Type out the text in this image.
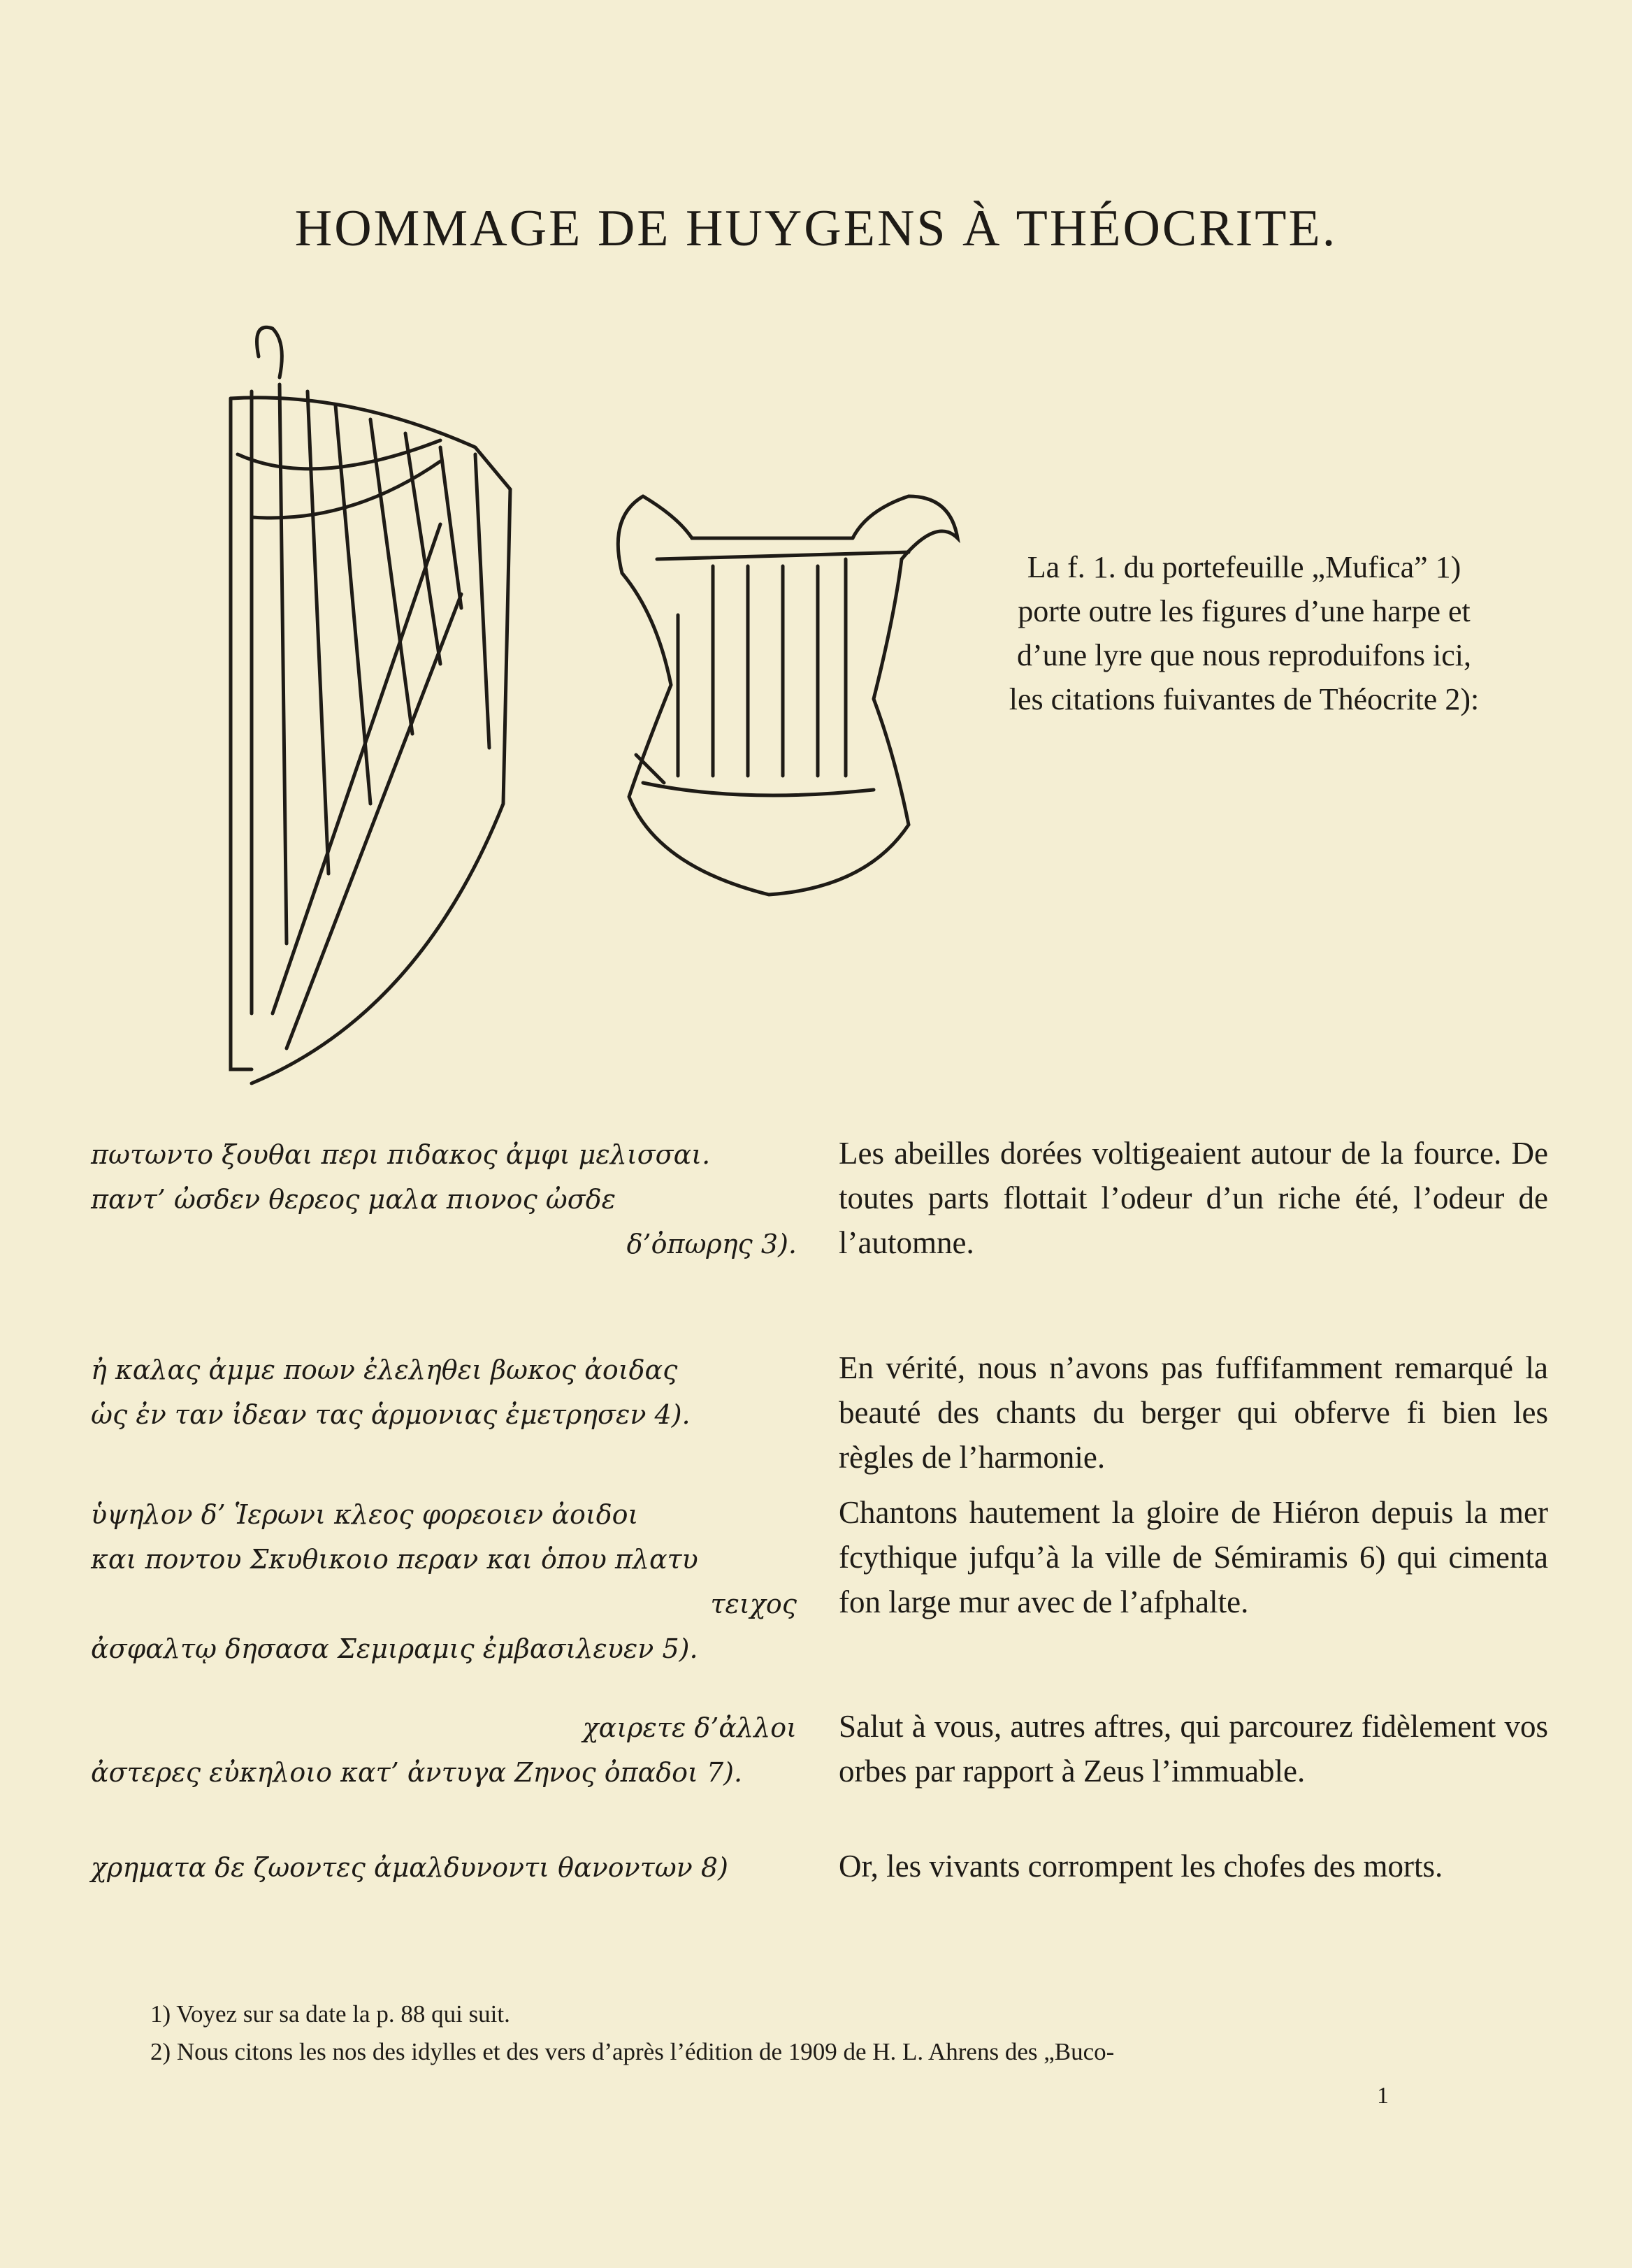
HOMMAGE DE HUYGENS À THÉOCRITE.
La f. 1. du portefeuille „Mufica” 1) porte outre les figures d’une harpe et d’une lyre que nous reproduifons ici, les citations fuivantes de Théocrite 2):
πωτωντο ξουθαι περι πιδακος ἀμφι μελισσαι.
παντ’ ὠσδεν θερεος μαλα πιονος ὠσδε
δ’ὀπωρης 3).
Les abeilles dorées voltigeaient autour de la fource. De toutes parts flottait l’odeur d’un riche été, l’odeur de l’automne.
ἠ καλας ἀμμε πoων ἐλεληθει βωκος ἀοιδας
ὡς ἐν ταν ἰδεαν τας ἁρμονιας ἐμετρησεν 4).
En vérité, nous n’avons pas fuffifamment remarqué la beauté des chants du berger qui obferve fi bien les règles de l’harmonie.
ὑψηλον δ’ Ἱερωνι κλεος φορεοιεν ἀοιδοι
και ποντου Σκυθικοιο περαν και ὁπου πλατυ
τειχος
ἀσφαλτῳ δησασα Σεμιραμις ἐμβασιλευεν 5).
Chantons hautement la gloire de Hiéron depuis la mer fcythique jufqu’à la ville de Sémiramis 6) qui cimenta fon large mur avec de l’afphalte.
χαιρετε δ’ἀλλοι
ἀστερες εὐκηλοιο κατ’ ἀντυγα Ζηνος ὀπαδοι 7).
Salut à vous, autres aftres, qui parcourez fidèlement vos orbes par rapport à Zeus l’immuable.
χρηματα δε ζωοντες ἀμαλδυνοντι θανοντων 8)	Or, les vivants corrompent les chofes des morts.
1) Voyez sur sa date la p. 88 qui suit.
2) Nous citons les nos des idylles et des vers d’après l’édition de 1909 de H. L. Ahrens des „Buco-
1
